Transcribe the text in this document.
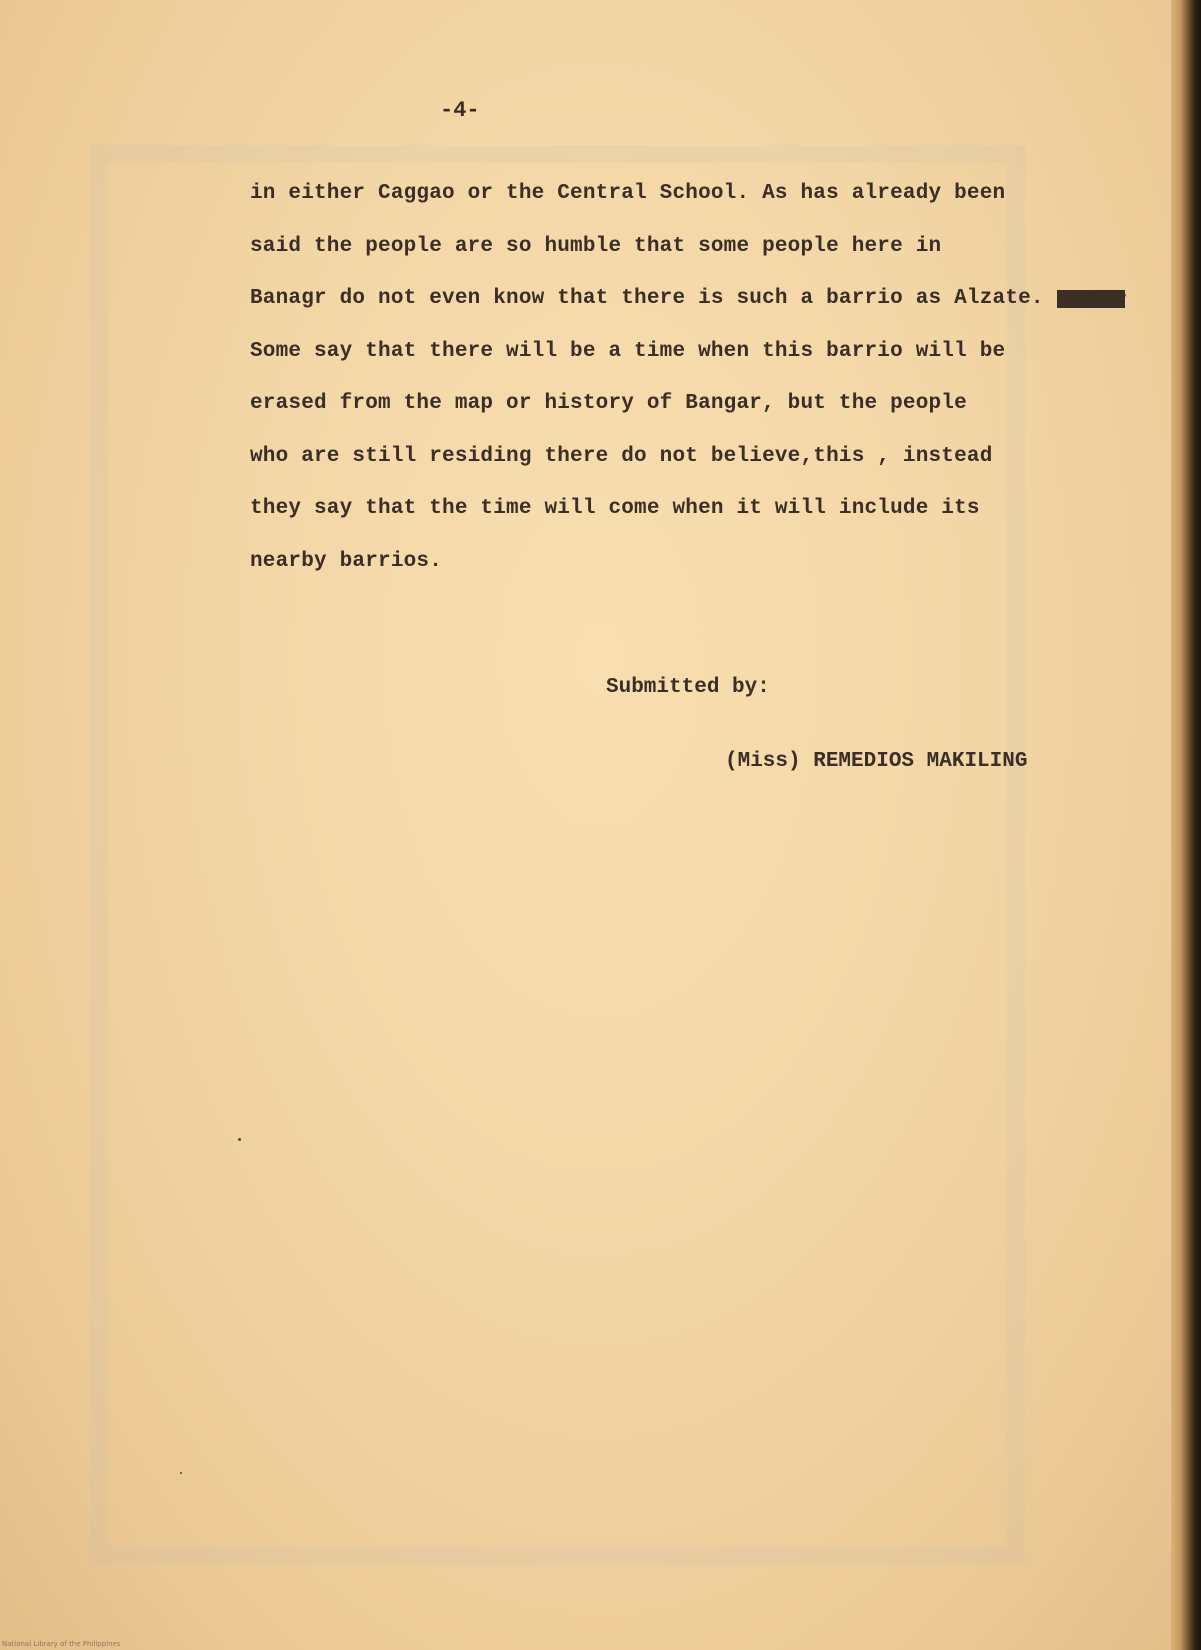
-4-
in either Caggao or the Central School. As has already been
said the people are so humble that some people here in
Banagr do not even know that there is such a barrio as Alzate. Somexsay
Some say that there will be a time when this barrio will be
erased from the map or history of Bangar, but the people
who are still residing there do not believe,this , instead
they say that the time will come when it will include its
nearby barrios.
Submitted by:
(Miss) REMEDIOS MAKILING
National Library of the Philippines
